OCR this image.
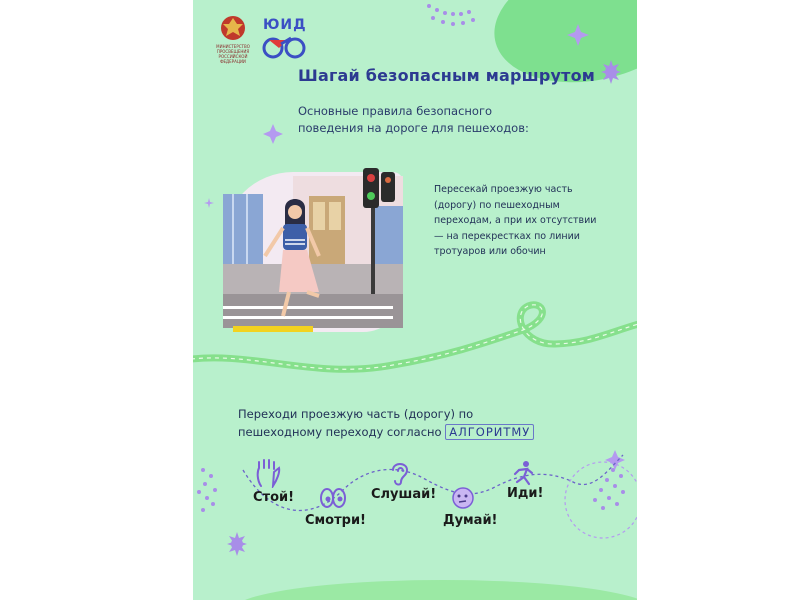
МИНИСТЕРСТВО ПРОСВЕЩЕНИЯ РОССИЙСКОЙ ФЕДЕРАЦИИ
ЮИД
Шагай безопасным маршрутом
Основные правила безопасного поведения на дороге для пешеходов:
Пересекай проезжую часть (дорогу) по пешеходным переходам, а при их отсутствии — на перекрестках по линии тротуаров или обочин
Переходи проезжую часть (дорогу) по пешеходному переходу согласно АЛГОРИТМУ
Стой!
Смотри!
Слушай!
Думай!
Иди!
